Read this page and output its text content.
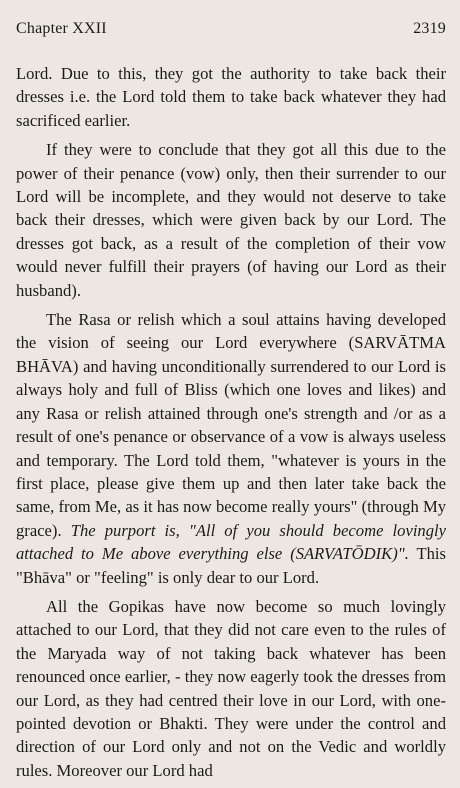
Chapter XXII	2319

Lord. Due to this, they got the authority to take back their dresses i.e. the Lord told them to take back whatever they had sacrificed earlier.

If they were to conclude that they got all this due to the power of their penance (vow) only, then their surrender to our Lord will be incomplete, and they would not deserve to take back their dresses, which were given back by our Lord. The dresses got back, as a result of the completion of their vow would never fulfill their prayers (of having our Lord as their husband).

The Rasa or relish which a soul attains having developed the vision of seeing our Lord everywhere (SARVĀTMA BHĀVA) and having unconditionally surrendered to our Lord is always holy and full of Bliss (which one loves and likes) and any Rasa or relish attained through one's strength and /or as a result of one's penance or observance of a vow is always useless and temporary. The Lord told them, "whatever is yours in the first place, please give them up and then later take back the same, from Me, as it has now become really yours" (through My grace). The purport is, "All of you should become lovingly attached to Me above everything else (SARVATŌDIK)". This "Bhāva" or "feeling" is only dear to our Lord.

All the Gopikas have now become so much lovingly attached to our Lord, that they did not care even to the rules of the Maryada way of not taking back whatever has been renounced once earlier, - they now eagerly took the dresses from our Lord, as they had centred their love in our Lord, with one-pointed devotion or Bhakti. They were under the control and direction of our Lord only and not on the Vedic and worldly rules. Moreover our Lord had
